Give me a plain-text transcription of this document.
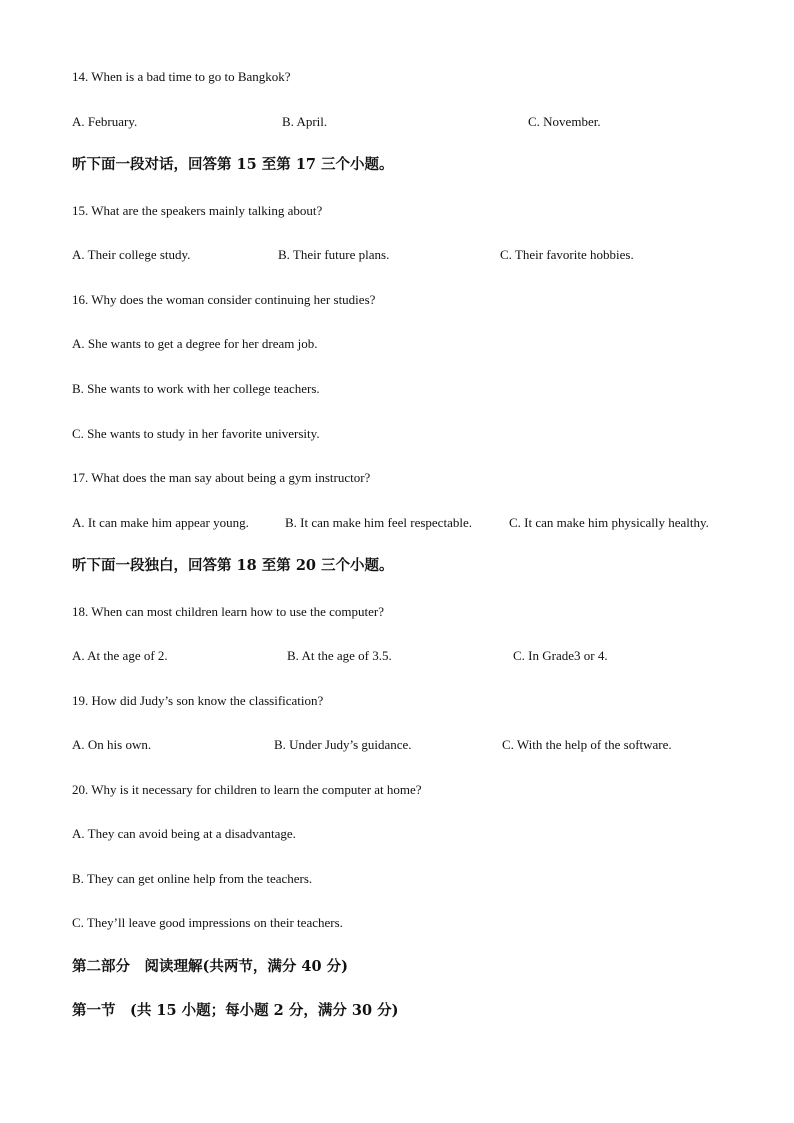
14. When is a bad time to go to Bangkok?
A. February.	B. April.	C. November.
听下面一段对话，回答第 15 至第 17 三个小题。
15. What are the speakers mainly talking about?
A. Their college study.	B. Their future plans.	C. Their favorite hobbies.
16. Why does the woman consider continuing her studies?
A. She wants to get a degree for her dream job.
B. She wants to work with her college teachers.
C. She wants to study in her favorite university.
17. What does the man say about being a gym instructor?
A. It can make him appear young.	B. It can make him feel respectable.	C. It can make him physically healthy.
听下面一段独白，回答第 18 至第 20 三个小题。
18. When can most children learn how to use the computer?
A. At the age of 2.	B. At the age of 3.5.	C. In Grade3 or 4.
19. How did Judy’s son know the classification?
A. On his own.	B. Under Judy’s guidance.	C. With the help of the software.
20. Why is it necessary for children to learn the computer at home?
A. They can avoid being at a disadvantage.
B. They can get online help from the teachers.
C. They’ll leave good impressions on their teachers.
第二部分　阅读理解(共两节，满分 40 分)
第一节　(共 15 小题；每小题 2 分，满分 30 分)
